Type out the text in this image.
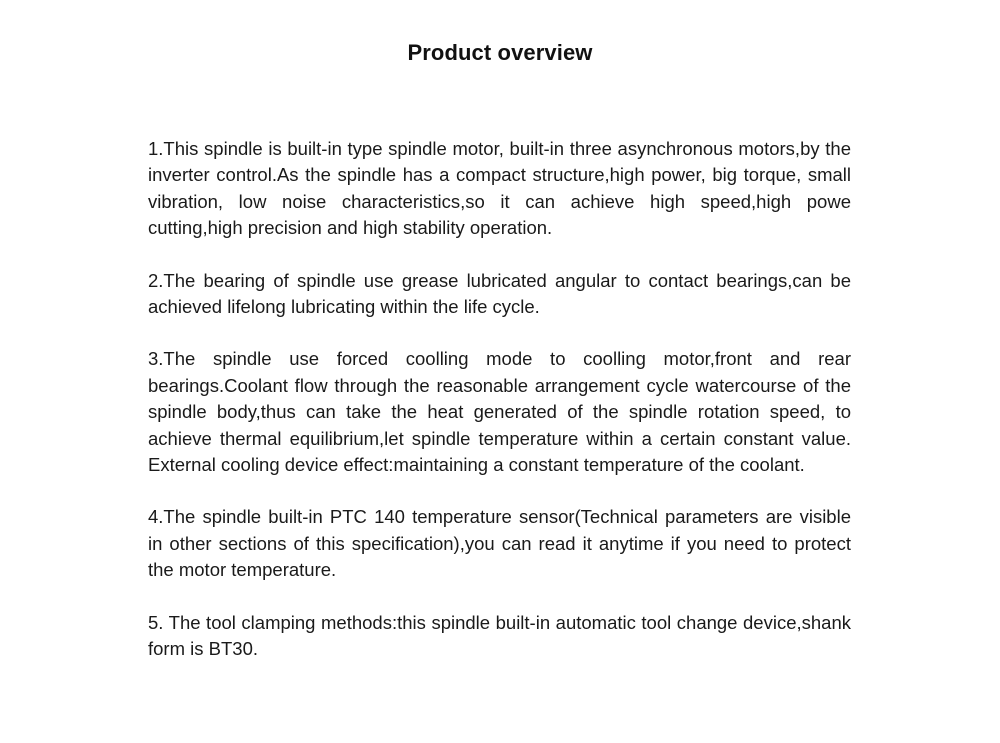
Product overview

1.This spindle is built-in type spindle motor, built-in three asynchronous motors,by the inverter control.As the spindle has a compact structure,high power, big torque, small vibration, low noise characteristics,so it can achieve high speed,high powe cutting,high precision and high stability operation.

2.The bearing of spindle use grease lubricated angular to contact bearings,can be achieved lifelong lubricating within the life cycle.

3.The spindle use forced coolling mode to coolling motor,front and rear bearings.Coolant flow through the reasonable arrangement cycle watercourse of the spindle body,thus can take the heat generated of the spindle rotation speed, to achieve thermal equilibrium,let spindle temperature within a certain constant value. External cooling device effect:maintaining a constant temperature of the coolant.

4.The spindle built-in PTC 140 temperature sensor(Technical parameters are visible in other sections of this specification),you can read it anytime if you need to protect the motor temperature.

5. The tool clamping methods:this spindle built-in automatic tool change device,shank form is BT30.
